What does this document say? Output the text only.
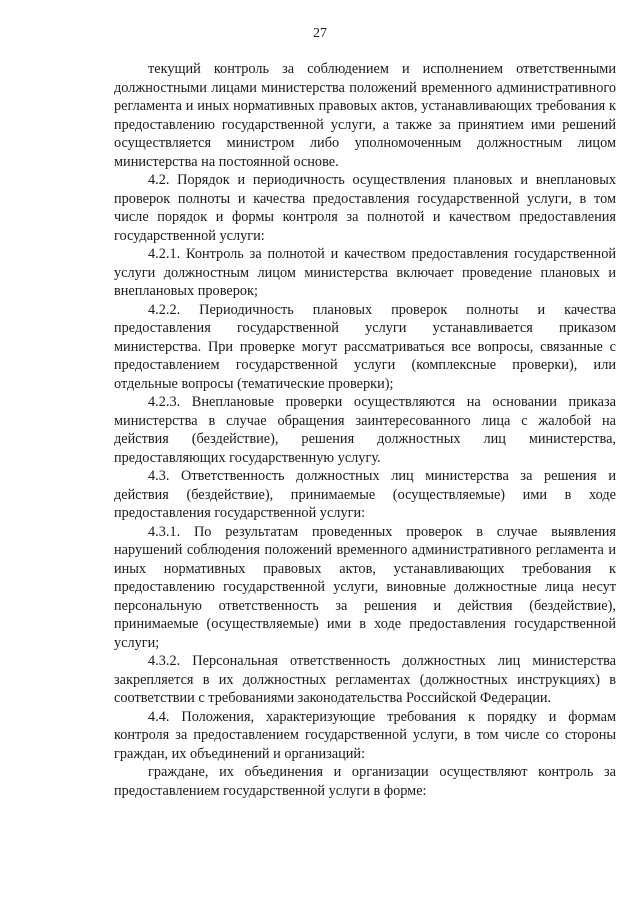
27

текущий контроль за соблюдением и исполнением ответственными должностными лицами министерства положений временного административного регламента и иных нормативных правовых актов, устанавливающих требования к предоставлению государственной услуги, а также за принятием ими решений осуществляется министром либо уполномоченным должностным лицом министерства на постоянной основе.

4.2. Порядок и периодичность осуществления плановых и внеплановых проверок полноты и качества предоставления государственной услуги, в том числе порядок и формы контроля за полнотой и качеством предоставления государственной услуги:

4.2.1. Контроль за полнотой и качеством предоставления государственной услуги должностным лицом министерства включает проведение плановых и внеплановых проверок;

4.2.2. Периодичность плановых проверок полноты и качества предоставления государственной услуги устанавливается приказом министерства. При проверке могут рассматриваться все вопросы, связанные с предоставлением государственной услуги (комплексные проверки), или отдельные вопросы (тематические проверки);

4.2.3. Внеплановые проверки осуществляются на основании приказа министерства в случае обращения заинтересованного лица с жалобой на действия (бездействие), решения должностных лиц министерства, предоставляющих государственную услугу.

4.3. Ответственность должностных лиц министерства за решения и действия (бездействие), принимаемые (осуществляемые) ими в ходе предоставления государственной услуги:

4.3.1. По результатам проведенных проверок в случае выявления нарушений соблюдения положений временного административного регламента и иных нормативных правовых актов, устанавливающих требования к предоставлению государственной услуги, виновные должностные лица несут персональную ответственность за решения и действия (бездействие), принимаемые (осуществляемые) ими в ходе предоставления государственной услуги;

4.3.2. Персональная ответственность должностных лиц министерства закрепляется в их должностных регламентах (должностных инструкциях) в соответствии с требованиями законодательства Российской Федерации.

4.4. Положения, характеризующие требования к порядку и формам контроля за предоставлением государственной услуги, в том числе со стороны граждан, их объединений и организаций:

граждане, их объединения и организации осуществляют контроль за предоставлением государственной услуги в форме:
